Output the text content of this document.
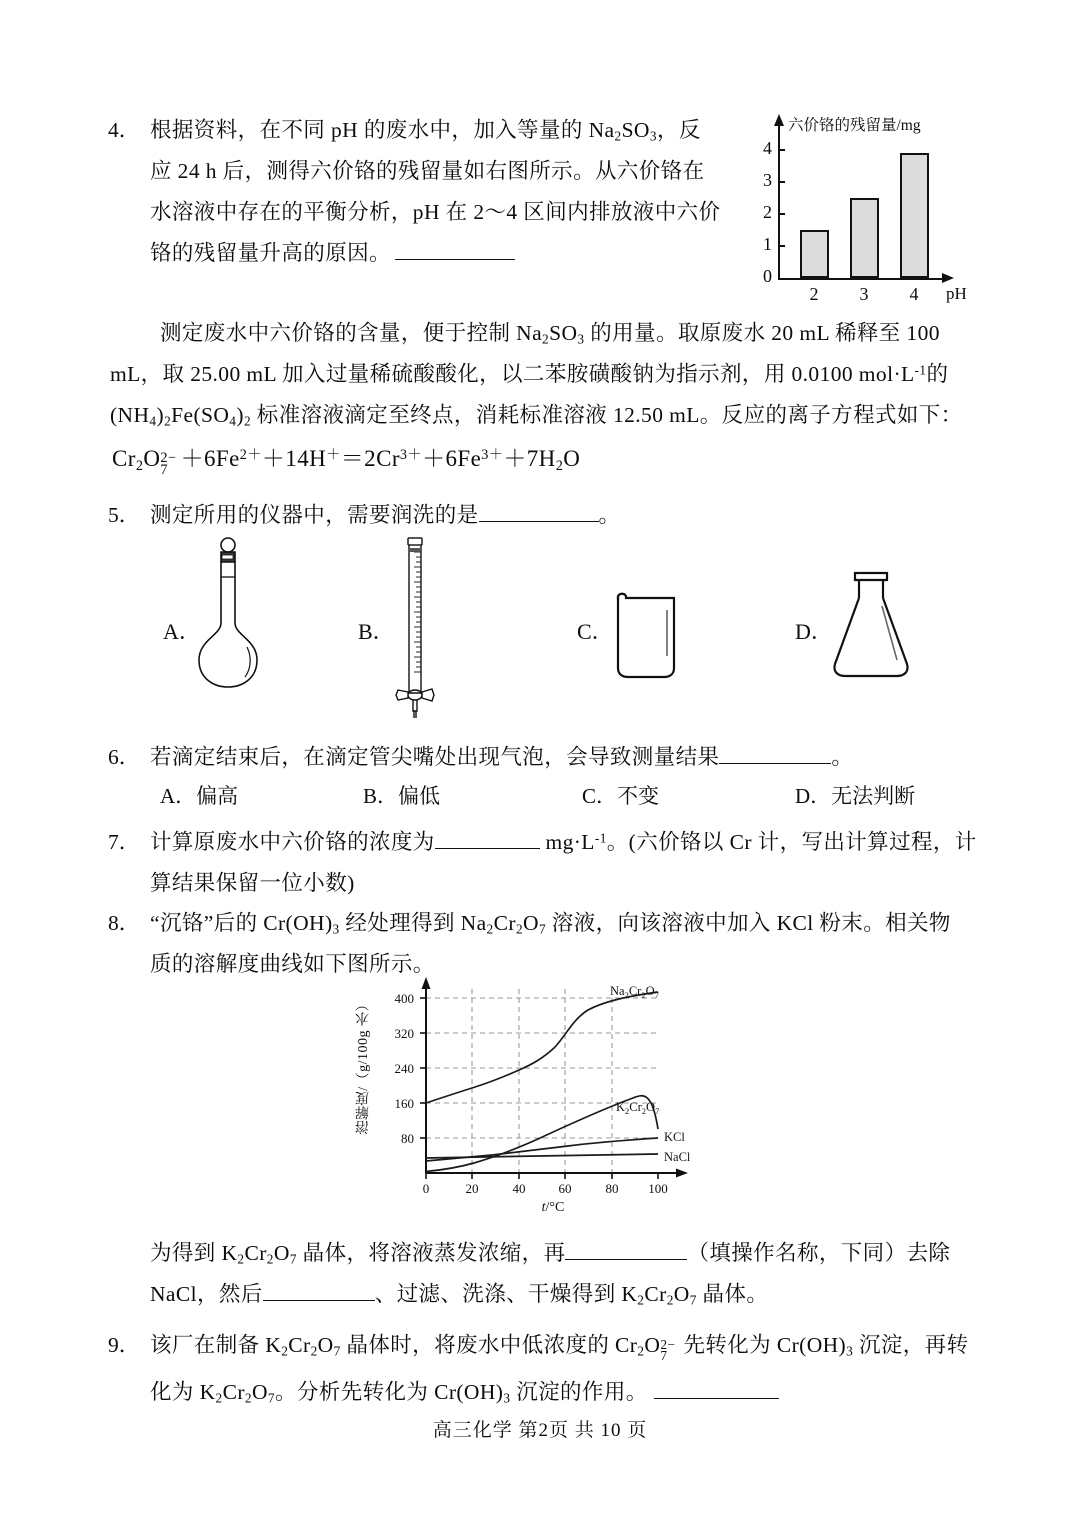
4． 根据资料，在不同 pH 的废水中，加入等量的 $Na_2SO_3$，反
应 24 h 后，测得六价铬的残留量如右图所示。从六价铬在
水溶液中存在的平衡分析，pH 在 2～4 区间内排放液中六价
铬的残留量升高的原因。
六价铬的残留量/mg
0
1
2
3
4
2	3	4	pH
测定废水中六价铬的含量，便于控制 $Na_2SO_3$ 的用量。取原废水 20 mL 稀释至 100
mL，取 25.00 mL 加入过量稀硫酸酸化，以二苯胺磺酸钠为指示剂，用 0.0100 $mol\cdot L^{-1}$的
$(NH_4)_2Fe(SO_4)_2$ 标准溶液滴定至终点，消耗标准溶液 12.50 mL。反应的离子方程式如下：
$Cr_2O$ 2−
$7 +6Fe^{2+}+14H^+=2Cr^{3+}+6Fe^{3+}+7H_2O$
5． 测定所用的仪器中，需要润洗的是	。
A．	B．	C．	D．
6． 若滴定结束后，在滴定管尖嘴处出现气泡，会导致测量结果	。
A．偏高	B．偏低	C．不变	D．无法判断
7． 计算原废水中六价铬的浓度为	$mg\cdot L^{-1}$。(六价铬以 Cr 计，写出计算过程，计
算结果保留一位小数)
8． “沉铬”后的 $Cr(OH)_3$ 经处理得到 $Na_2Cr_2O_7$ 溶液，向该溶液中加入 KCl 粉末。相关物
质的溶解度曲线如下图所示。
80
160
240
320
400
0	20	40	60	80 100
t/°C
$Na_2Cr_2O_7$
$K_2Cr_2O_7$
KCl
NaCl
溶解度/（g/100g 水）
为得到 $K_2Cr_2O_7$ 晶体，将溶液蒸发浓缩，再	（填操作名称，下同）去除
NaCl，然后	、过滤、洗涤、干燥得到 $K_2Cr_2O_7$ 晶体。
9． 该厂在制备 $K_2Cr_2O_7$ 晶体时，将废水中低浓度的 $Cr_2O$ 2−
7 先转化为 $Cr(OH)_3$ 沉淀，再转
化为 $K_2Cr_2O_7$。分析先转化为 $Cr(OH)_3$ 沉淀的作用。
高三化学 第2页 共 10 页
